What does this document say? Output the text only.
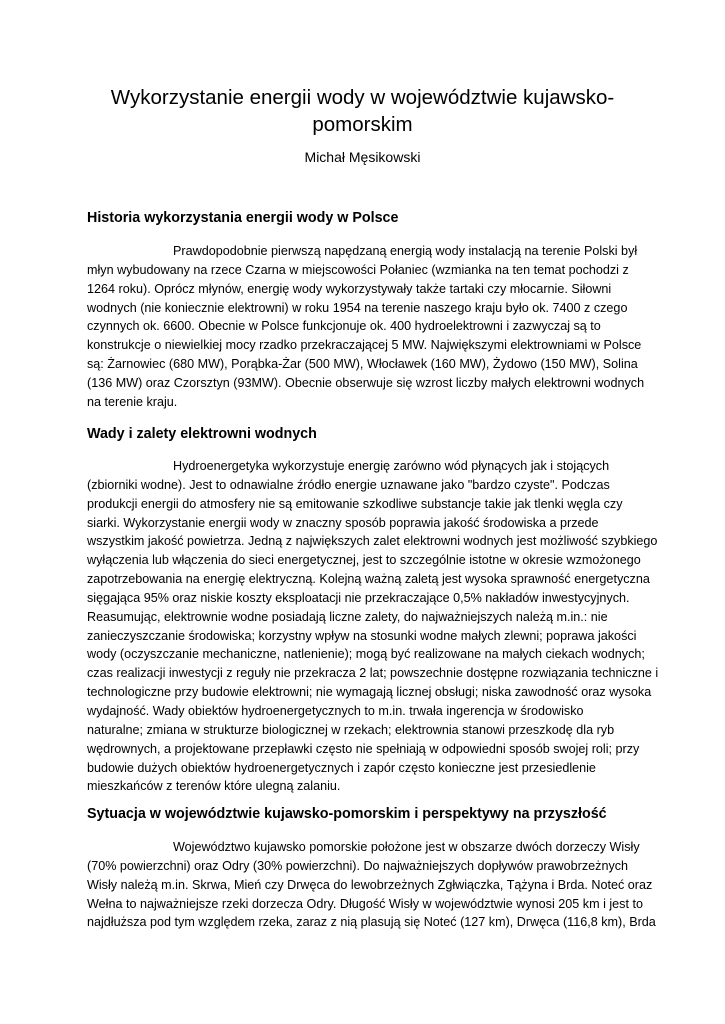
Wykorzystanie energii wody w województwie kujawsko-
pomorskim
Michał Męsikowski
Historia wykorzystania energii wody w Polsce
Prawdopodobnie pierwszą napędzaną energią wody instalacją na terenie Polski był
młyn wybudowany na rzece Czarna w miejscowości Połaniec (wzmianka na ten temat pochodzi z
1264 roku). Oprócz młynów, energię wody wykorzystywały także tartaki czy młocarnie. Siłowni
wodnych (nie koniecznie elektrowni) w roku 1954 na terenie naszego kraju było ok. 7400 z czego
czynnych ok. 6600. Obecnie w Polsce funkcjonuje ok. 400 hydroelektrowni i zazwyczaj są to
konstrukcje o niewielkiej mocy rzadko przekraczającej 5 MW. Największymi elektrowniami w Polsce
są: Żarnowiec (680 MW), Porąbka-Żar (500 MW), Włocławek (160 MW), Żydowo (150 MW), Solina
(136 MW) oraz Czorsztyn (93MW). Obecnie obserwuje się wzrost liczby małych elektrowni wodnych
na terenie kraju.
Wady i zalety elektrowni wodnych
Hydroenergetyka wykorzystuje energię zarówno wód płynących jak i stojących
(zbiorniki wodne). Jest to odnawialne źródło energie uznawane jako "bardzo czyste". Podczas
produkcji energii do atmosfery nie są emitowanie szkodliwe substancje takie jak tlenki węgla czy
siarki. Wykorzystanie energii wody w znaczny sposób poprawia jakość środowiska a przede
wszystkim jakość powietrza. Jedną z największych zalet elektrowni wodnych jest możliwość szybkiego
wyłączenia lub włączenia do sieci energetycznej, jest to szczególnie istotne w okresie wzmożonego
zapotrzebowania na energię elektryczną. Kolejną ważną zaletą jest wysoka sprawność energetyczna
sięgająca 95% oraz niskie koszty eksploatacji nie przekraczające 0,5% nakładów inwestycyjnych.
Reasumując, elektrownie wodne posiadają liczne zalety, do najważniejszych należą m.in.: nie
zanieczyszczanie środowiska; korzystny wpływ na stosunki wodne małych zlewni; poprawa jakości
wody (oczyszczanie mechaniczne, natlenienie); mogą być realizowane na małych ciekach wodnych;
czas realizacji inwestycji z reguły nie przekracza 2 lat; powszechnie dostępne rozwiązania techniczne i
technologiczne przy budowie elektrowni; nie wymagają licznej obsługi; niska zawodność oraz wysoka
wydajność. Wady obiektów hydroenergetycznych to m.in. trwała ingerencja w środowisko
naturalne; zmiana w strukturze biologicznej w rzekach; elektrownia stanowi przeszkodę dla ryb
wędrownych, a projektowane przepławki często nie spełniają w odpowiedni sposób swojej roli; przy
budowie dużych obiektów hydroenergetycznych i zapór często konieczne jest przesiedlenie
mieszkańców z terenów które ulegną zalaniu.
Sytuacja w województwie kujawsko-pomorskim i perspektywy na przyszłość
Województwo kujawsko pomorskie położone jest w obszarze dwóch dorzeczy Wisły
(70% powierzchni) oraz Odry (30% powierzchni). Do najważniejszych dopływów prawobrzeżnych
Wisły należą m.in. Skrwa, Mień czy Drwęca do lewobrzeżnych Zgłwiączka, Tążyna i Brda. Noteć oraz
Wełna to najważniejsze rzeki dorzecza Odry. Długość Wisły w województwie wynosi 205 km i jest to
najdłuższa pod tym względem rzeka, zaraz z nią plasują się Noteć (127 km), Drwęca (116,8 km), Brda
